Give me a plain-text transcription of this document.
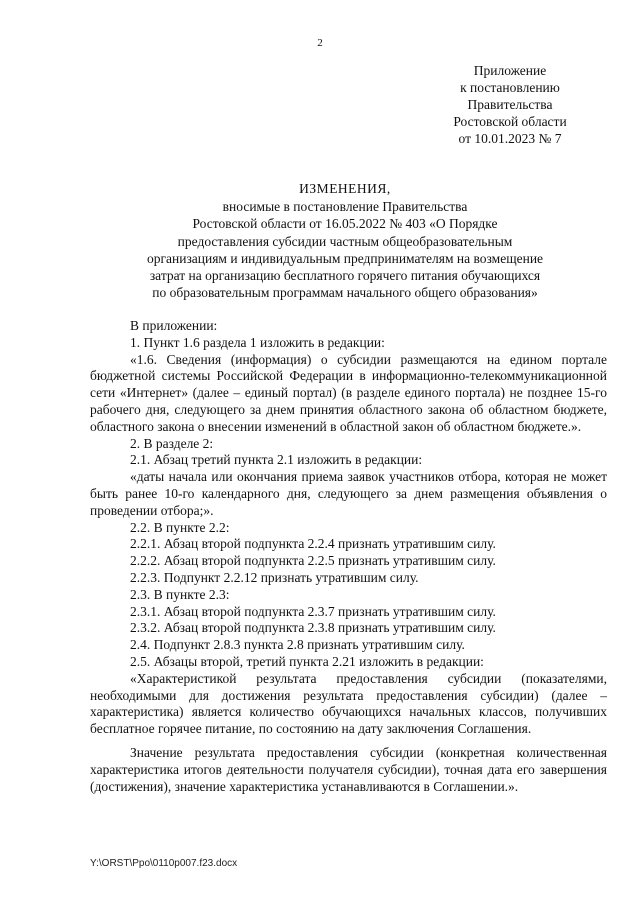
2
Приложение
к постановлению
Правительства
Ростовской области
от 10.01.2023 № 7
ИЗМЕНЕНИЯ,
вносимые в постановление Правительства
Ростовской области от 16.05.2022 № 403 «О Порядке
предоставления субсидии частным общеобразовательным
организациям и индивидуальным предпринимателям на возмещение
затрат на организацию бесплатного горячего питания обучающихся
по образовательным программам начального общего образования»

В приложении:

1. Пункт 1.6 раздела 1 изложить в редакции:

«1.6. Сведения (информация) о субсидии размещаются на едином портале бюджетной системы Российской Федерации в информационно-телекоммуникационной сети «Интернет» (далее – единый портал) (в разделе единого портала) не позднее 15-го рабочего дня, следующего за днем принятия областного закона об областном бюджете, областного закона о внесении изменений в областной закон об областном бюджете.».

2. В разделе 2:

2.1. Абзац третий пункта 2.1 изложить в редакции:

«даты начала или окончания приема заявок участников отбора, которая не может быть ранее 10-го календарного дня, следующего за днем размещения объявления о проведении отбора;».

2.2. В пункте 2.2:

2.2.1. Абзац второй подпункта 2.2.4 признать утратившим силу.

2.2.2. Абзац второй подпункта 2.2.5 признать утратившим силу.

2.2.3. Подпункт 2.2.12 признать утратившим силу.

2.3. В пункте 2.3:

2.3.1. Абзац второй подпункта 2.3.7 признать утратившим силу.

2.3.2. Абзац второй подпункта 2.3.8 признать утратившим силу.

2.4. Подпункт 2.8.3 пункта 2.8 признать утратившим силу.

2.5. Абзацы второй, третий пункта 2.21 изложить в редакции:

«Характеристикой результата предоставления субсидии (показателями, необходимыми для достижения результата предоставления субсидии) (далее – характеристика) является количество обучающихся начальных классов, получивших бесплатное горячее питание, по состоянию на дату заключения Соглашения.

Значение результата предоставления субсидии (конкретная количественная характеристика итогов деятельности получателя субсидии), точная дата его завершения (достижения), значение характеристика устанавливаются в Соглашении.».

Y:\ORST\Ppo\0110p007.f23.docx
